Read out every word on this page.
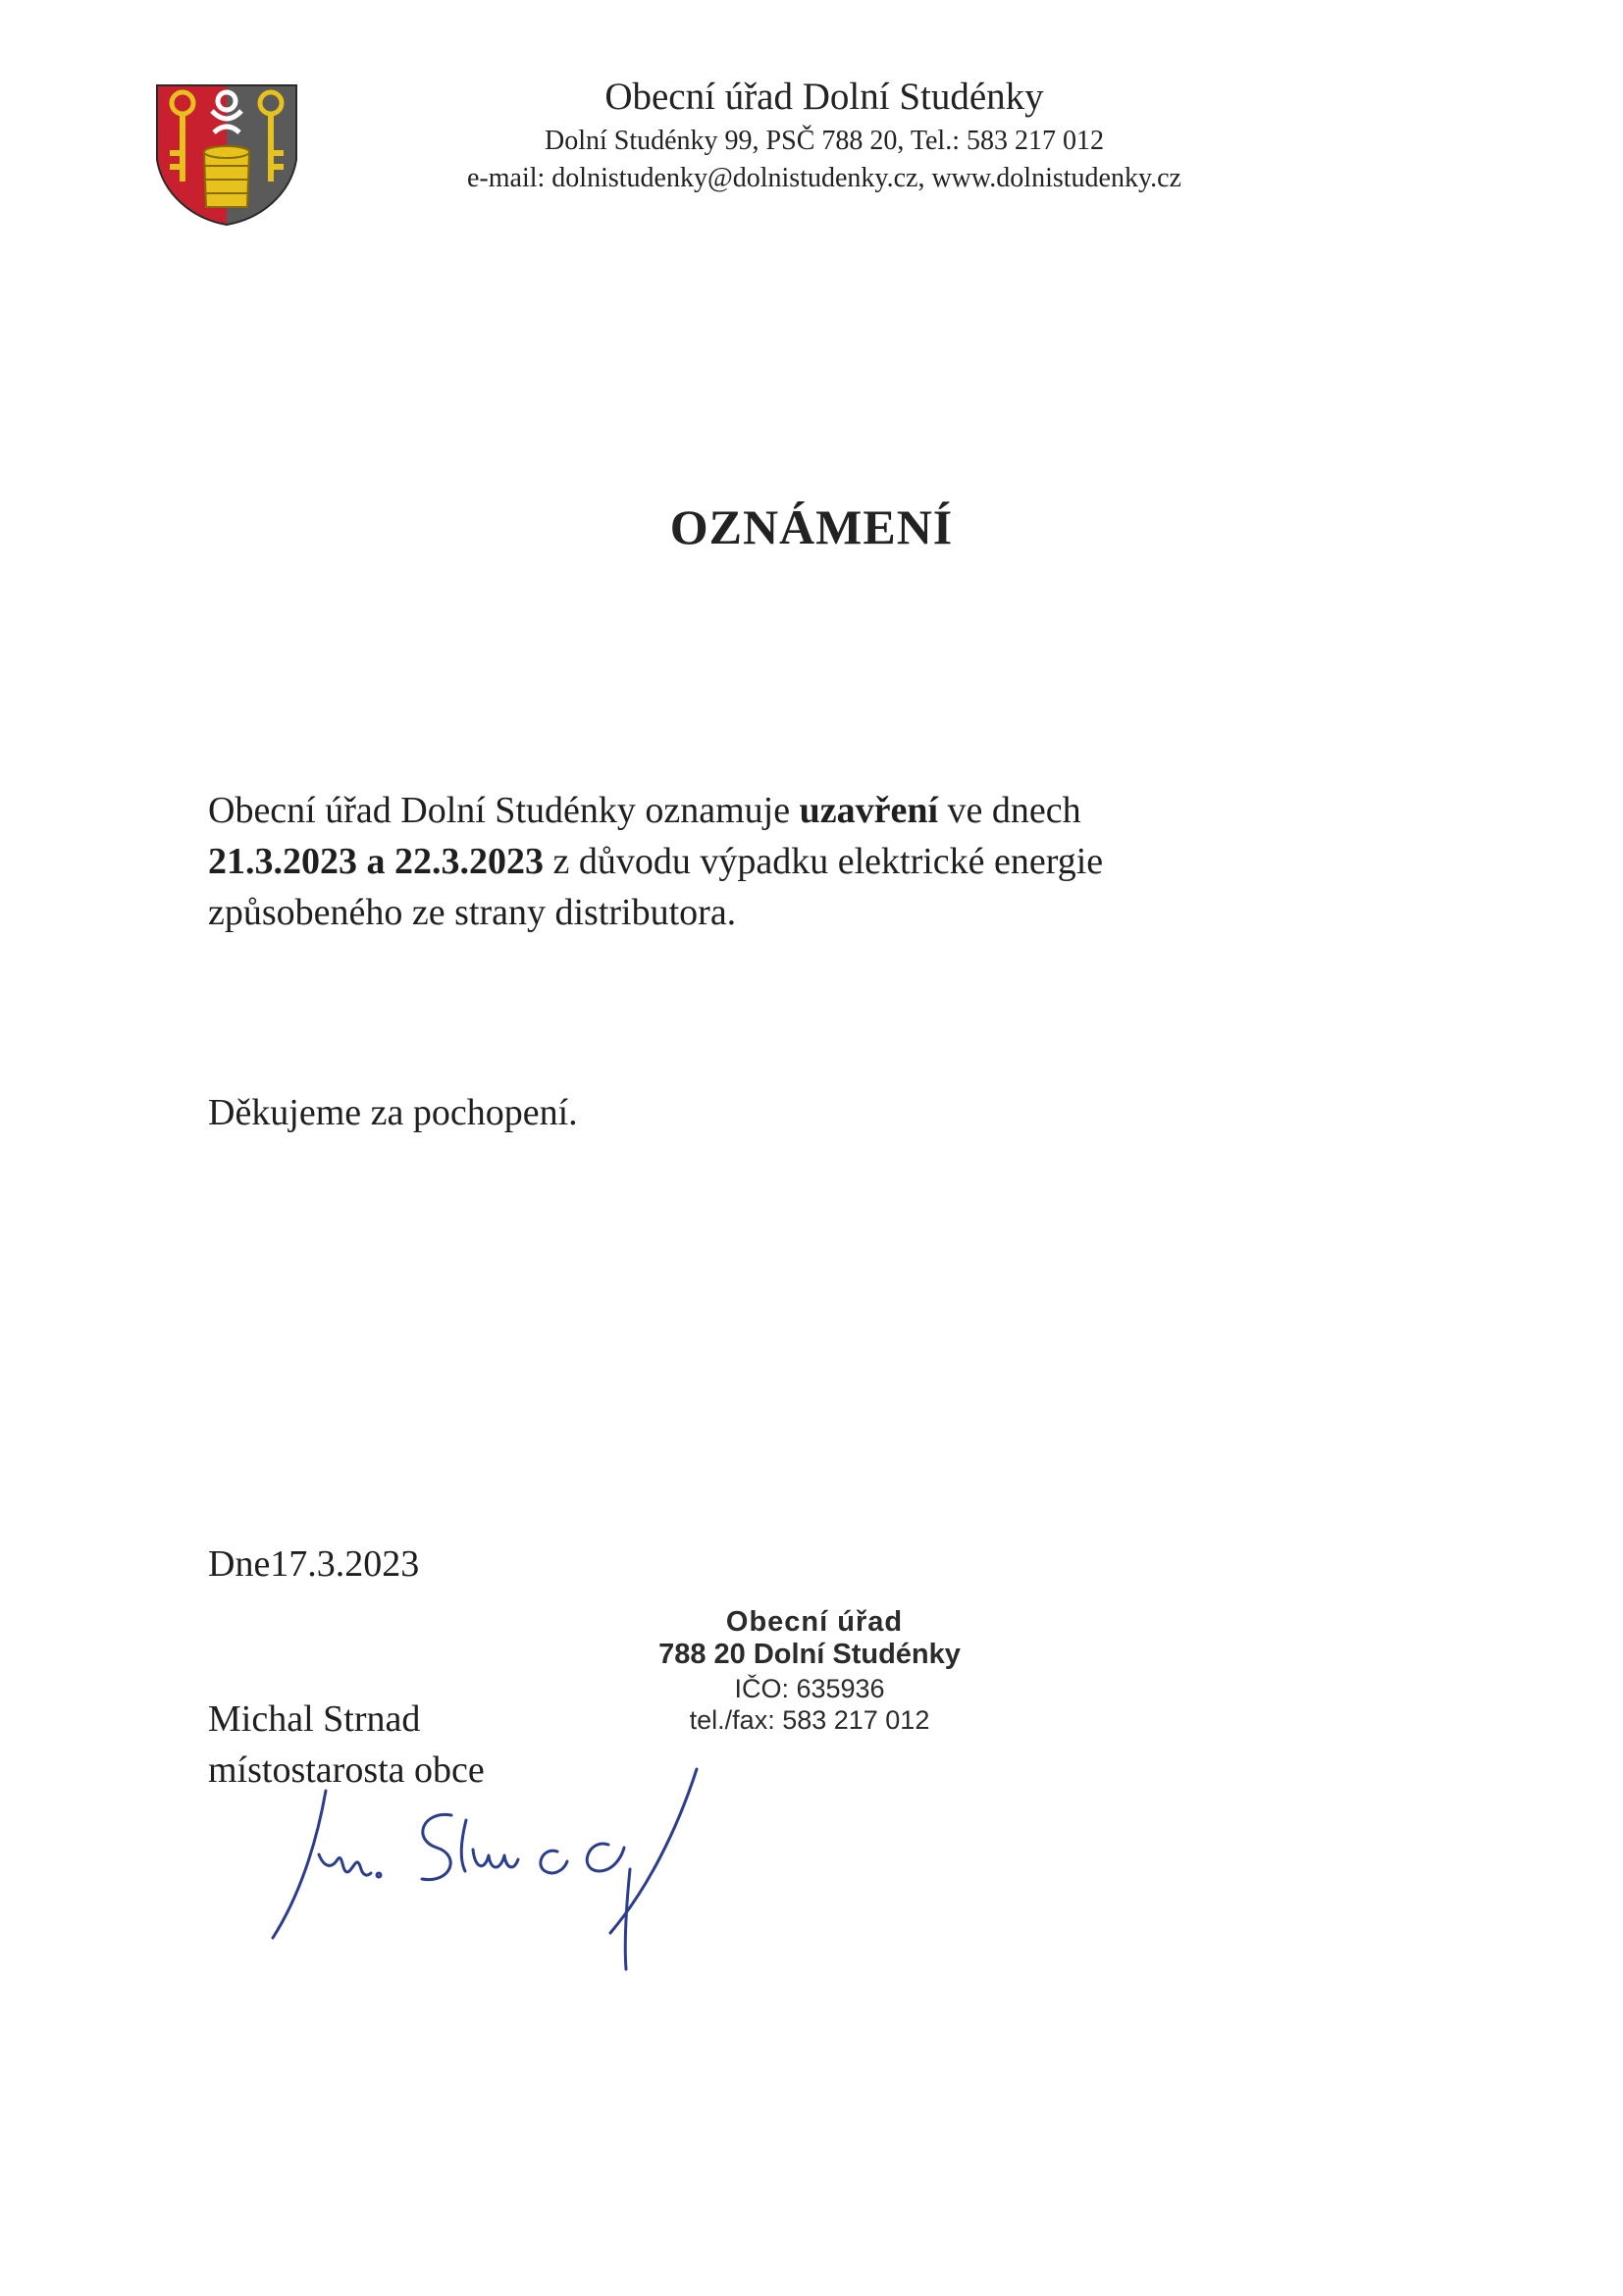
Obecní úřad Dolní Studénky
Dolní Studénky 99, PSČ 788 20, Tel.: 583 217 012
e-mail: dolnistudenky@dolnistudenky.cz, www.dolnistudenky.cz
OZNÁMENÍ
Obecní úřad Dolní Studénky oznamuje uzavření ve dnech
21.3.2023 a 22.3.2023 z důvodu výpadku elektrické energie
způsobeného ze strany distributora.
Děkujeme za pochopení.
Dne17.3.2023
Obecní úřad
788 20 Dolní Studénky
IČO: 635936
tel./fax: 583 217 012
Michal Strnad
místostarosta obce
